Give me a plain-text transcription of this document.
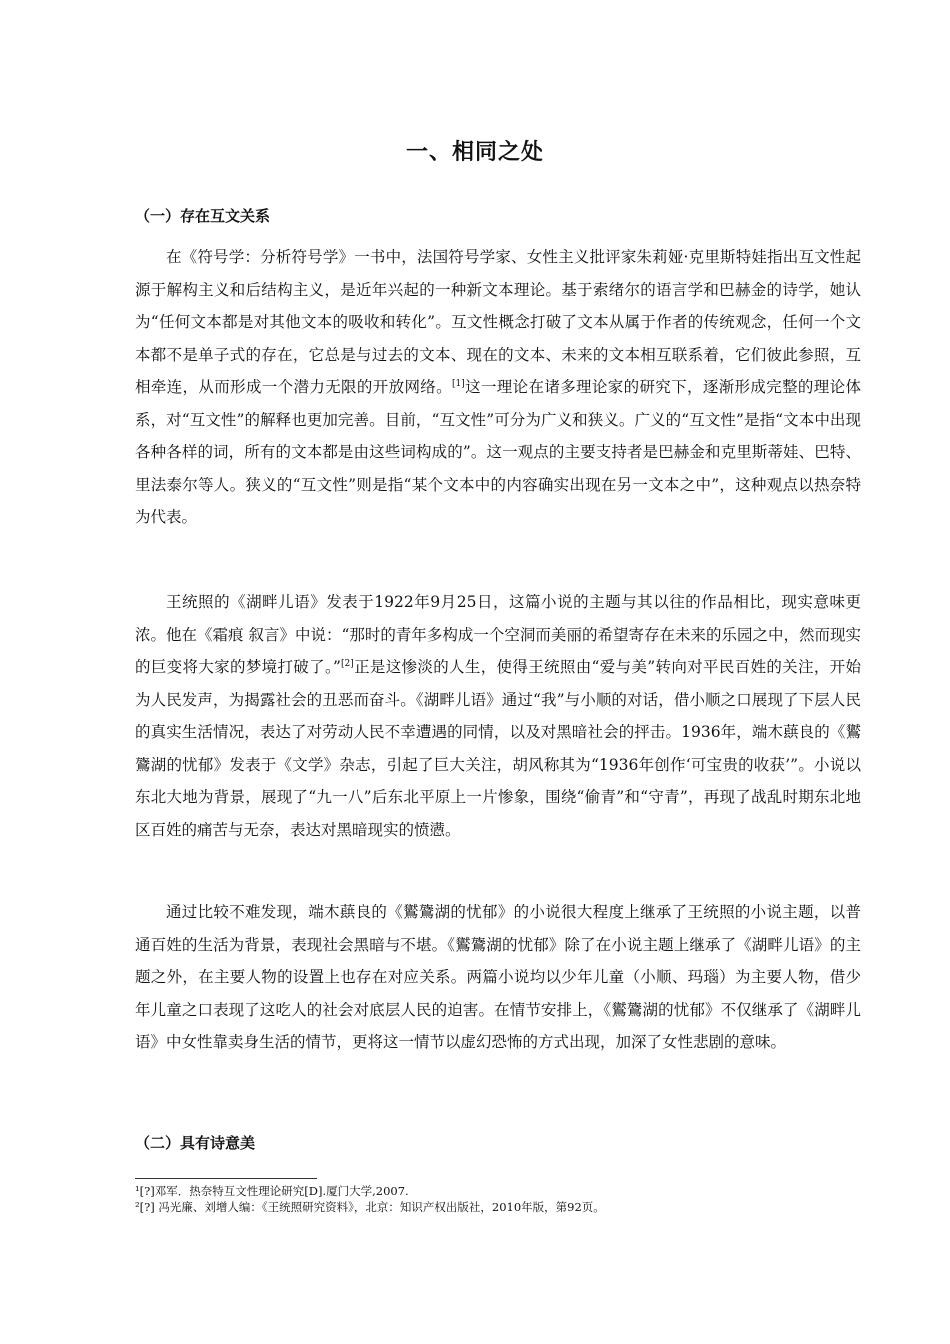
一、相同之处
（一）存在互文关系

在《符号学：分析符号学》一书中，法国符号学家、女性主义批评家朱莉娅·克里斯特娃指出互文性起源于解构主义和后结构主义，是近年兴起的一种新文本理论。基于索绪尔的语言学和巴赫金的诗学，她认为“任何文本都是对其他文本的吸收和转化”。互文性概念打破了文本从属于作者的传统观念，任何一个文本都不是单子式的存在，它总是与过去的文本、现在的文本、未来的文本相互联系着，它们彼此参照，互相牵连，从而形成一个潜力无限的开放网络。[1]这一理论在诸多理论家的研究下，逐渐形成完整的理论体系，对“互文性”的解释也更加完善。目前，“互文性”可分为广义和狭义。广义的“互文性”是指“文本中出现各种各样的词，所有的文本都是由这些词构成的”。这一观点的主要支持者是巴赫金和克里斯蒂娃、巴特、里法泰尔等人。狭义的“互文性”则是指“某个文本中的内容确实出现在另一文本之中”，这种观点以热奈特为代表。

王统照的《湖畔儿语》发表于1922年9月25日，这篇小说的主题与其以往的作品相比，现实意味更浓。他在《霜痕 叙言》中说：“那时的青年多构成一个空洞而美丽的希望寄存在未来的乐园之中，然而现实的巨变将大家的梦境打破了。”[2]正是这惨淡的人生，使得王统照由“爱与美”转向对平民百姓的关注，开始为人民发声，为揭露社会的丑恶而奋斗。《湖畔儿语》通过“我”与小顺的对话，借小顺之口展现了下层人民的真实生活情况，表达了对劳动人民不幸遭遇的同情，以及对黑暗社会的抨击。1936年，端木蕻良的《鸑鷟湖的忧郁》发表于《文学》杂志，引起了巨大关注，胡风称其为“1936年创作‘可宝贵的收获’”。小说以东北大地为背景，展现了“九一八”后东北平原上一片惨象，围绕“偷青”和“守青”，再现了战乱时期东北地区百姓的痛苦与无奈，表达对黑暗现实的愤懑。

通过比较不难发现，端木蕻良的《鸑鷟湖的忧郁》的小说很大程度上继承了王统照的小说主题，以普通百姓的生活为背景，表现社会黑暗与不堪。《鸑鷟湖的忧郁》除了在小说主题上继承了《湖畔儿语》的主题之外，在主要人物的设置上也存在对应关系。两篇小说均以少年儿童（小顺、玛瑙）为主要人物，借少年儿童之口表现了这吃人的社会对底层人民的迫害。在情节安排上，《鸑鷟湖的忧郁》不仅继承了《湖畔儿语》中女性靠卖身生活的情节，更将这一情节以虚幻恐怖的方式出现，加深了女性悲剧的意味。

（二）具有诗意美
¹[?]邓军．热奈特互文性理论研究[D].厦门大学,2007.
²[?] 冯光廉、刘增人编：《王统照研究资料》，北京：知识产权出版社，2010年版，第92页。
